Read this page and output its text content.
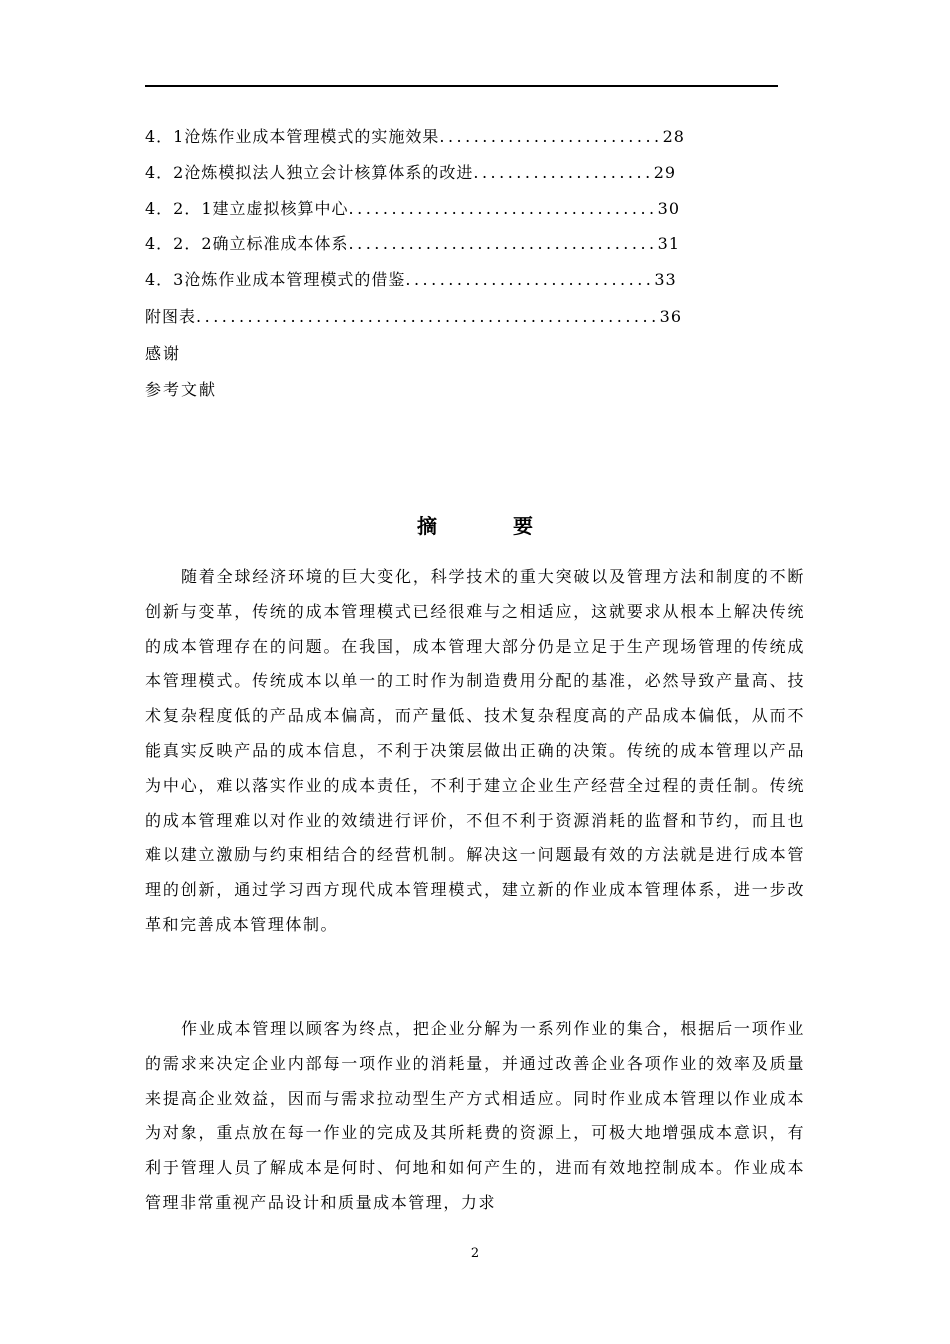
4．1沧炼作业成本管理模式的实施效果..........................28
4．2沧炼模拟法人独立会计核算体系的改进.....................29
4．2．1建立虚拟核算中心....................................30
4．2．2确立标准成本体系....................................31
4．3沧炼作业成本管理模式的借鉴.............................33
附图表......................................................36
感谢
参考文献
摘　要
随着全球经济环境的巨大变化，科学技术的重大突破以及管理方法和制度的不断创新与变革，传统的成本管理模式已经很难与之相适应，这就要求从根本上解决传统的成本管理存在的问题。在我国，成本管理大部分仍是立足于生产现场管理的传统成本管理模式。传统成本以单一的工时作为制造费用分配的基准，必然导致产量高、技术复杂程度低的产品成本偏高，而产量低、技术复杂程度高的产品成本偏低，从而不能真实反映产品的成本信息，不利于决策层做出正确的决策。传统的成本管理以产品为中心，难以落实作业的成本责任，不利于建立企业生产经营全过程的责任制。传统的成本管理难以对作业的效绩进行评价，不但不利于资源消耗的监督和节约，而且也难以建立激励与约束相结合的经营机制。解决这一问题最有效的方法就是进行成本管理的创新，通过学习西方现代成本管理模式，建立新的作业成本管理体系，进一步改革和完善成本管理体制。
作业成本管理以顾客为终点，把企业分解为一系列作业的集合，根据后一项作业的需求来决定企业内部每一项作业的消耗量，并通过改善企业各项作业的效率及质量来提高企业效益，因而与需求拉动型生产方式相适应。同时作业成本管理以作业成本为对象，重点放在每一作业的完成及其所耗费的资源上，可极大地增强成本意识，有利于管理人员了解成本是何时、何地和如何产生的，进而有效地控制成本。作业成本管理非常重视产品设计和质量成本管理，力求
2
